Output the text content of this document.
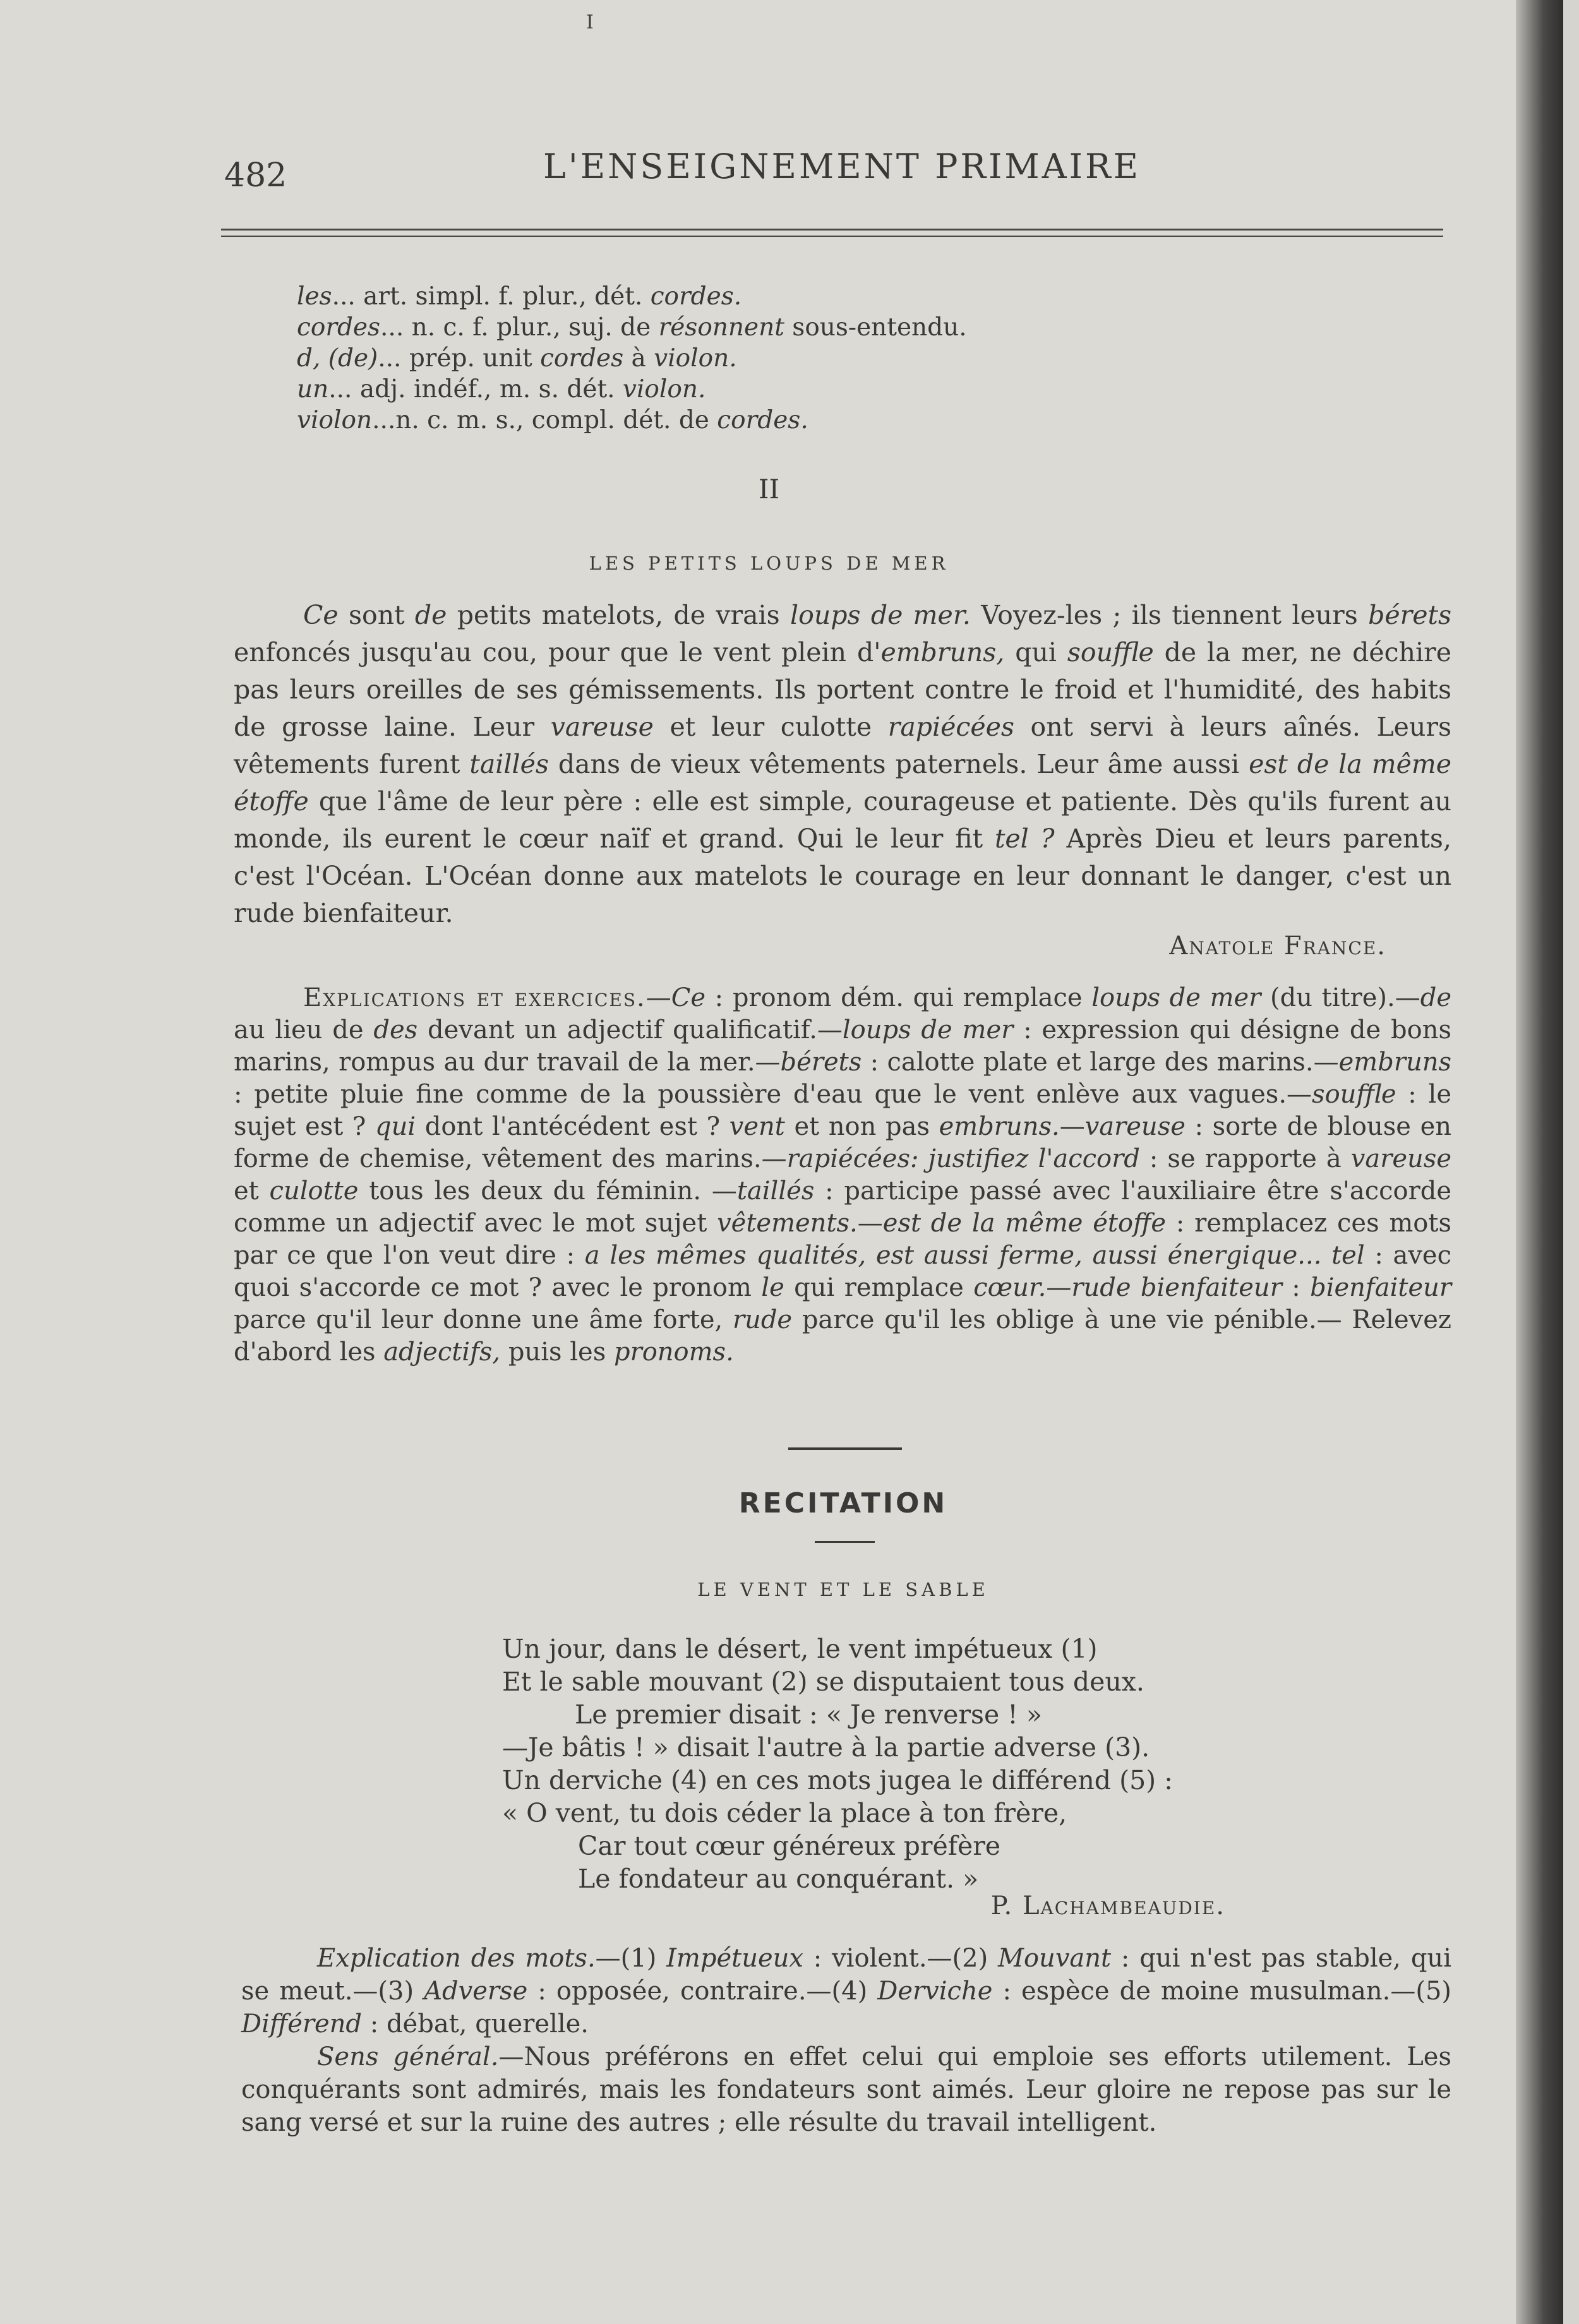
I
482	L'ENSEIGNEMENT PRIMAIRE
les... art. simpl. f. plur., dét. cordes.
cordes... n. c. f. plur., suj. de résonnent sous-entendu.
d, (de)... prép. unit cordes à violon.
un... adj. indéf., m. s. dét. violon.
violon...n. c. m. s., compl. dét. de cordes.
II
LES PETITS LOUPS DE MER
Ce sont de petits matelots, de vrais loups de mer. Voyez-les ; ils tiennent leurs bérets enfoncés jusqu'au cou, pour que le vent plein d'embruns, qui souffle de la mer, ne déchire pas leurs oreilles de ses gémissements. Ils portent contre le froid et l'humidité, des habits de grosse laine. Leur vareuse et leur culotte rapiécées ont servi à leurs aînés. Leurs vêtements furent taillés dans de vieux vêtements paternels. Leur âme aussi est de la même étoffe que l'âme de leur père : elle est simple, courageuse et patiente. Dès qu'ils furent au monde, ils eurent le cœur naïf et grand. Qui le leur fit tel ? Après Dieu et leurs parents, c'est l'Océan. L'Océan donne aux matelots le courage en leur donnant le danger, c'est un rude bienfaiteur.
Anatole France.
Explications et exercices.—Ce : pronom dém. qui remplace loups de mer (du titre).—de au lieu de des devant un adjectif qualificatif.—loups de mer : expression qui désigne de bons marins, rompus au dur travail de la mer.—bérets : calotte plate et large des marins.—embruns : petite pluie fine comme de la poussière d'eau que le vent enlève aux vagues.—souffle : le sujet est ? qui dont l'antécédent est ? vent et non pas embruns.—vareuse : sorte de blouse en forme de chemise, vêtement des marins.—rapiécées: justifiez l'accord : se rapporte à vareuse et culotte tous les deux du féminin. —taillés : participe passé avec l'auxiliaire être s'accorde comme un adjectif avec le mot sujet vêtements.—est de la même étoffe : remplacez ces mots par ce que l'on veut dire : a les mêmes qualités, est aussi ferme, aussi énergique... tel : avec quoi s'accorde ce mot ? avec le pronom le qui remplace cœur.—rude bienfaiteur : bienfaiteur parce qu'il leur donne une âme forte, rude parce qu'il les oblige à une vie pénible.— Relevez d'abord les adjectifs, puis les pronoms.
RECITATION
LE VENT ET LE SABLE
Un jour, dans le désert, le vent impétueux (1)
Et le sable mouvant (2) se disputaient tous deux.
Le premier disait : « Je renverse ! »
—Je bâtis ! » disait l'autre à la partie adverse (3).
Un derviche (4) en ces mots jugea le différend (5) :
« O vent, tu dois céder la place à ton frère,
Car tout cœur généreux préfère
Le fondateur au conquérant. »
P. Lachambeaudie.
Explication des mots.—(1) Impétueux : violent.—(2) Mouvant : qui n'est pas stable, qui se meut.—(3) Adverse : opposée, contraire.—(4) Derviche : espèce de moine musulman.—(5) Différend : débat, querelle.
Sens général.—Nous préférons en effet celui qui emploie ses efforts utilement. Les conquérants sont admirés, mais les fondateurs sont aimés. Leur gloire ne repose pas sur le sang versé et sur la ruine des autres ; elle résulte du travail intelligent.
